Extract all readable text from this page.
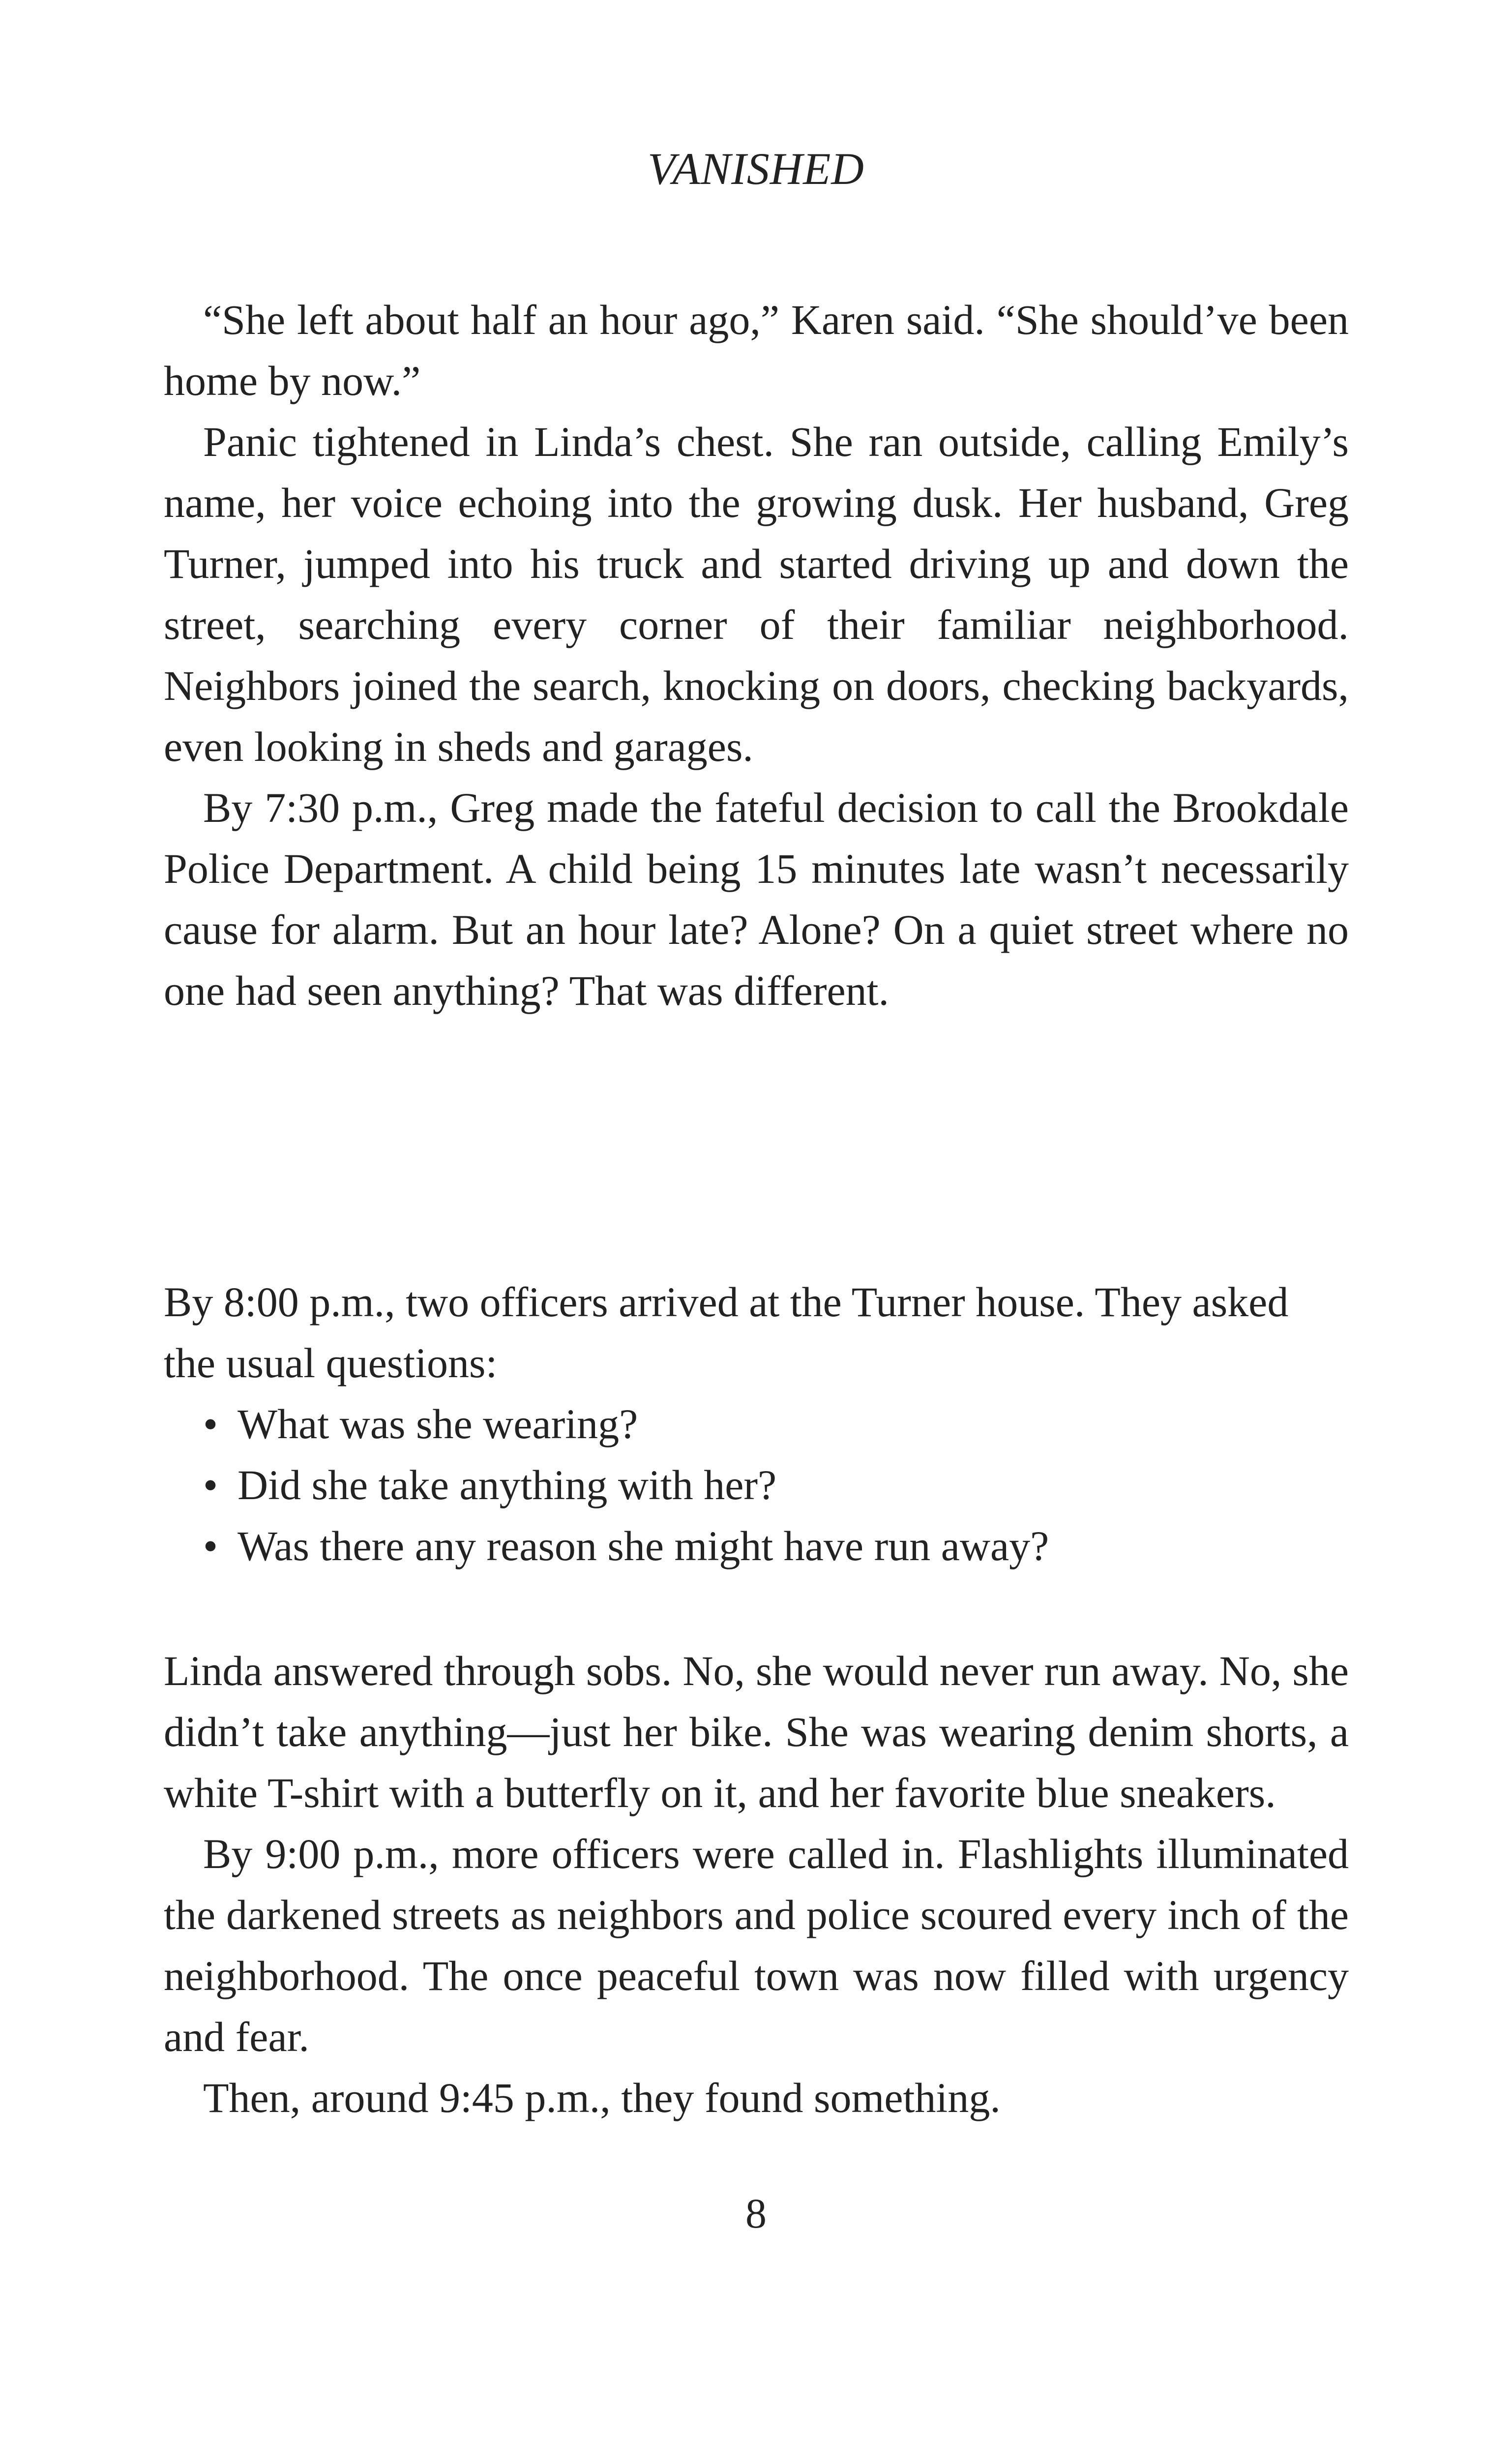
VANISHED

“She left about half an hour ago,” Karen said. “She should’ve been home by now.”

Panic tightened in Linda’s chest. She ran outside, calling Emily’s name, her voice echoing into the growing dusk. Her husband, Greg Turner, jumped into his truck and started driving up and down the street, searching every corner of their familiar neighborhood. Neighbors joined the search, knocking on doors, checking backyards, even looking in sheds and garages.

By 7:30 p.m., Greg made the fateful decision to call the Brookdale Police Department. A child being 15 minutes late wasn’t necessarily cause for alarm. But an hour late? Alone? On a quiet street where no one had seen anything? That was different.

By 8:00 p.m., two officers arrived at the Turner house. They asked the usual questions:

• What was she wearing?
• Did she take anything with her?
• Was there any reason she might have run away?

Linda answered through sobs. No, she would never run away. No, she didn’t take anything—just her bike. She was wearing denim shorts, a white T-shirt with a butterfly on it, and her favorite blue sneakers.

By 9:00 p.m., more officers were called in. Flashlights illuminated the darkened streets as neighbors and police scoured every inch of the neighborhood. The once peaceful town was now filled with urgency and fear.

Then, around 9:45 p.m., they found something.

8
